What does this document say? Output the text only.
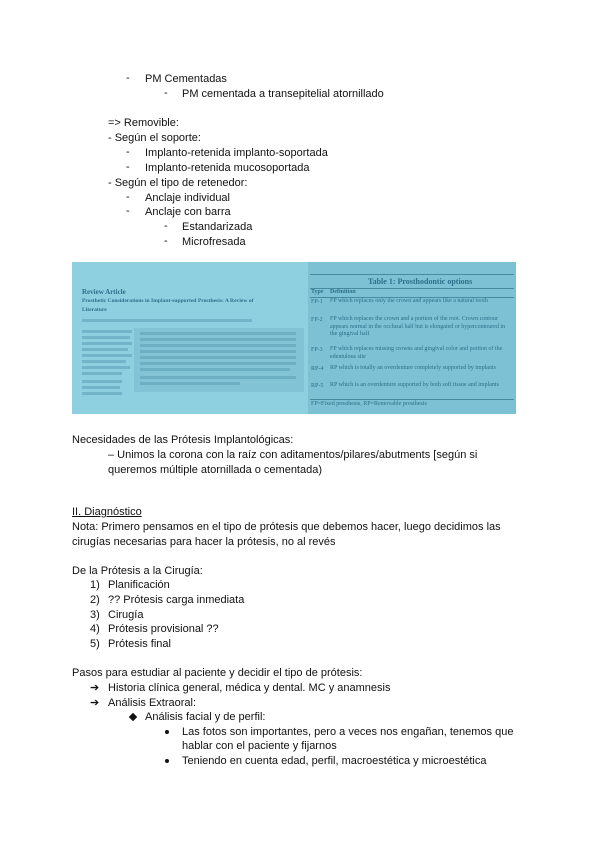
- PM Cementadas
- PM cementada a transepitelial atornillado
=> Removible:
- Según el soporte:
- Implanto-retenida implanto-soportada
- Implanto-retenida mucosoportada
- Según el tipo de retenedor:
- Anclaje individual
- Anclaje con barra
- Estandarizada
- Microfresada
Review Article
Prosthetic Considerations in Implant-supported Prosthesis: A Review of
Literature
Table 1: Prosthodontic options
Type Definition
FP-1 FP which replaces only the crown and appears like a natural tooth
FP-2 FP which replaces the crown and a portion of the root. Crown contour appears normal in the occlusal half but is elongated or hypercontoured in the gingival half
FP-3 FP which replaces missing crowns and gingival color and portion of the edentulous site
RP-4 RP which is totally an overdenture completely supported by implants
RP-5 RP which is an overdenture supported by both soft tissue and implants
FP=Fixed prosthesis, RP=Removable prosthesis
Necesidades de las Prótesis Implantológicas:
– Unimos la corona con la raíz con aditamentos/pilares/abutments [según si
queremos múltiple atornillada o cementada)
II. Diagnóstico
Nota: Primero pensamos en el tipo de prótesis que debemos hacer, luego decidimos las
cirugías necesarias para hacer la prótesis, no al revés
De la Prótesis a la Cirugía:
1) Planificación
2) ?? Prótesis carga inmediata
3) Cirugía
4) Prótesis provisional ??
5) Prótesis final
Pasos para estudiar al paciente y decidir el tipo de prótesis:
➔ Historia clínica general, médica y dental. MC y anamnesis
➔ Análisis Extraoral:
Análisis facial y de perfil:
Las fotos son importantes, pero a veces nos engañan, tenemos que
hablar con el paciente y fijarnos
Teniendo en cuenta edad, perfil, macroestética y microestética
